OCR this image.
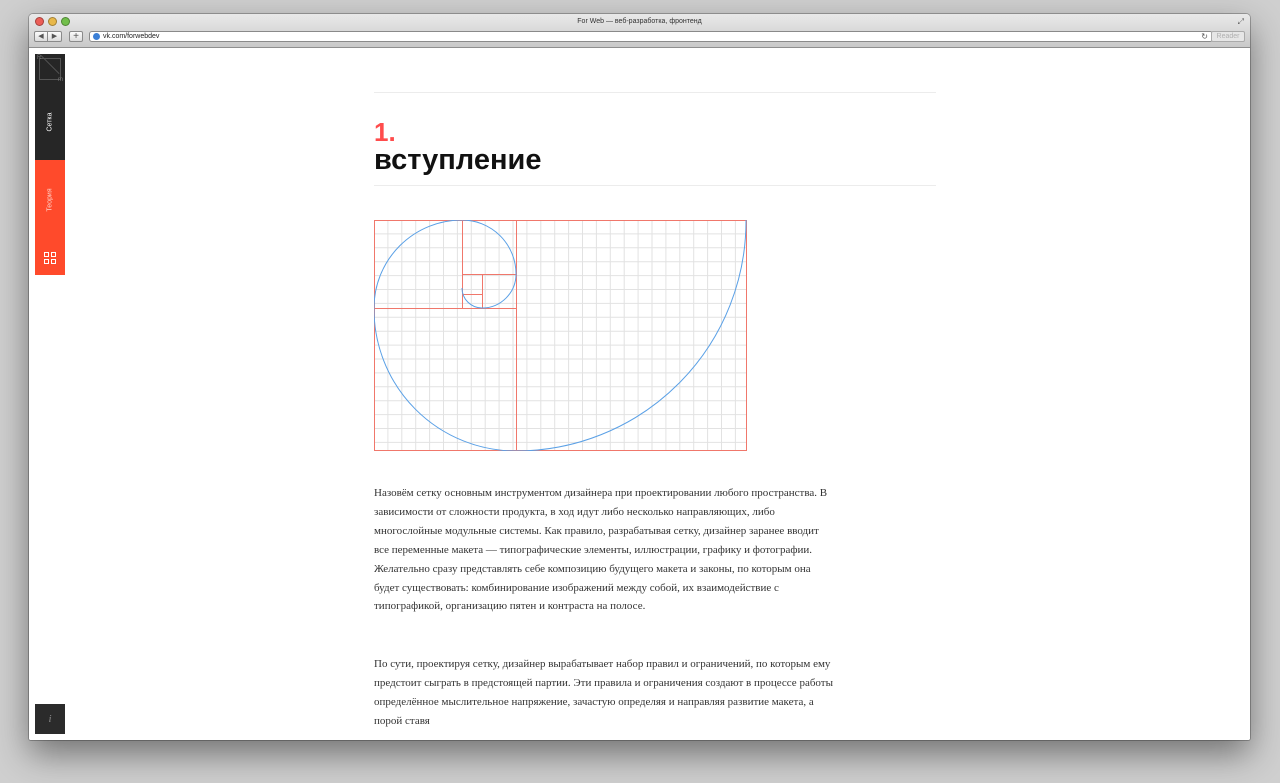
For Web — веб-разработка, фронтенд	⤢
◀	▶	+	vk.com/forwebdev	↻	Reader
R
m
Сетка
Теория
i
1.
вступление
Назовём сетку основным инструментом дизайнера при проектировании любого пространства. В зависимости от сложности продукта, в ход идут либо несколько направляющих, либо многослойные модульные системы. Как правило, разрабатывая сетку, дизайнер заранее вводит все переменные макета — типографические элементы, иллюстрации, графику и фотографии. Желательно сразу представлять себе композицию будущего макета и законы, по которым она будет существовать: комбинирование изображений между собой, их взаимодействие с типографикой, организацию пятен и контраста на полосе.
По сути, проектируя сетку, дизайнер вырабатывает набор правил и ограничений, по которым ему предстоит сыграть в предстоящей партии. Эти правила и ограничения создают в процессе работы определённое мыслительное напряжение, зачастую определяя и направляя развитие макета, а порой ставя
